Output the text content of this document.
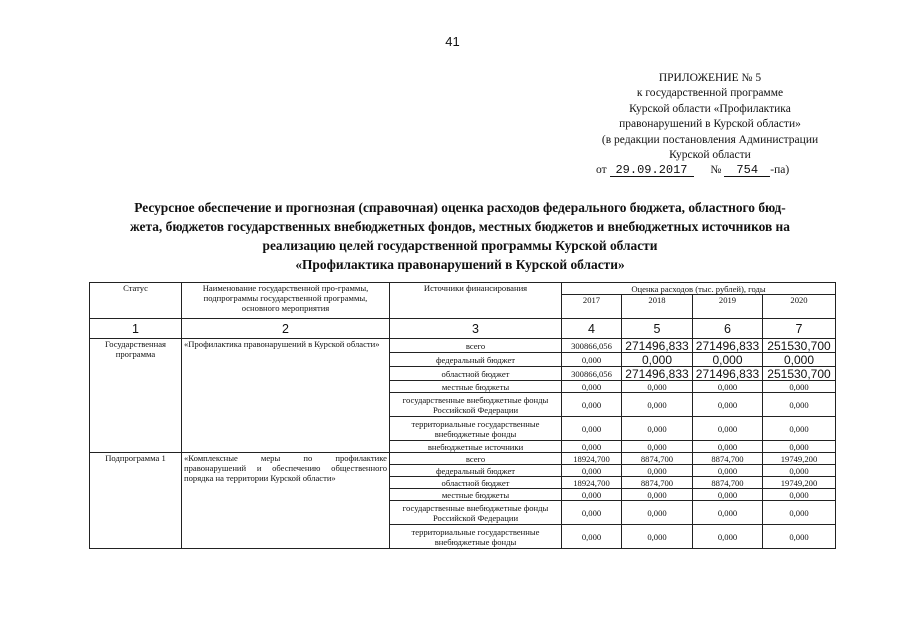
41
ПРИЛОЖЕНИЕ № 5
к государственной программе
Курской области «Профилактика
правонарушений в Курской области»
(в редакции постановления Администрации
Курской области
от 29.09.2017 № 754 -па)
Ресурсное обеспечение и прогнозная (справочная) оценка расходов федерального бюджета, областного бюд-
жета, бюджетов государственных внебюджетных фондов, местных бюджетов и внебюджетных источников на
реализацию целей государственной программы Курской области
«Профилактика правонарушений в Курской области»
Статус	Наименование государственной про-граммы, подпрограммы государственной программы, основного мероприятия	Источники финансирования	Оценка расходов (тыс. рублей), годы			
			2017	2018	2019	2020
1	2	3	4	5	6	7
Государственная программа	«Профилактика правонарушений в Курской области»	всего	300866,056	271496,833	271496,833	251530,700
		федеральный бюджет	0,000	0,000	0,000	0,000
		областной бюджет	300866,056	271496,833	271496,833	251530,700
		местные бюджеты	0,000	0,000	0,000	0,000
		государственные внебюджетные фонды Российской Федерации	0,000	0,000	0,000	0,000
		территориальные государственные внебюджетные фонды	0,000	0,000	0,000	0,000
		внебюджетные источники	0,000	0,000	0,000	0,000
Подпрограмма 1	«Комплексные меры по профилактике правонарушений и обеспечению общественного порядка на территории Курской области»	всего	18924,700	8874,700	8874,700	19749,200
		федеральный бюджет	0,000	0,000	0,000	0,000
		областной бюджет	18924,700	8874,700	8874,700	19749,200
		местные бюджеты	0,000	0,000	0,000	0,000
		государственные внебюджетные фонды Российской Федерации	0,000	0,000	0,000	0,000
		территориальные государственные внебюджетные фонды	0,000	0,000	0,000	0,000
